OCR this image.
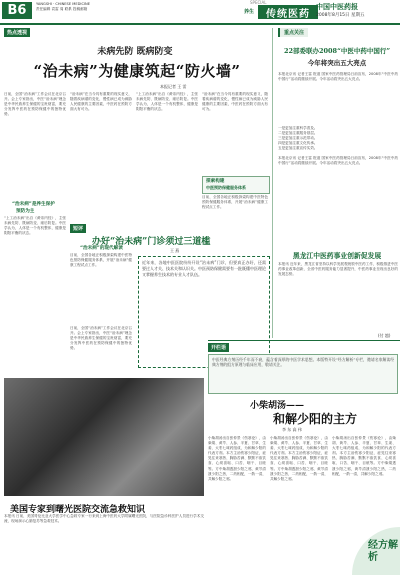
B6	YANGSHI · CHINESE MEDICINE
责任编辑 袁雷 周 联系 投稿邮箱
SPECIAL
养生	传统医药
中国中医药报
2008年8月15日 星期五
热点透视
未病先防 既病防变
“治未病”为健康筑起“防火墙”
本报记者 王 雷
日前，全国“治未病”工作会议在北京召开。会上专家指出，中医“治未病”理念是中华民族养生保健的宝贵财富，要充分发挥中医药在预防保健中的独特优势。
“治未病”是养生保护
预防为主
“上工治未病”出自《黄帝内经》，主张未病先防、既病防变、瘥后防复。中医学认为，人体是一个有机整体，健康是阴阳平衡的状态。
“治未病”在当今具有重要的现实意义，随着疾病谱的变化，慢性病已成为威胁人民健康的主要因素，中医药在预防方面大有可为。
“治未病”的现代解读
目前，全国各地正积极探索构建中医特色预防保健服务体系，开展“治未病”健康工程试点工作。
“上工治未病”出自《黄帝内经》，主张未病先防、既病防变、瘥后防复。中医学认为，人体是一个有机整体，健康是阴阳平衡的状态。
“治未病”在当今具有重要的现实意义，随着疾病谱的变化，慢性病已成为威胁人民健康的主要因素，中医药在预防方面大有可为。
探索构建
中医预防保健服务体系
目前，全国各地正积极探索构建中医特色预防保健服务体系，开展“治未病”健康工程试点工作。
短评
办好“治未病”门诊须过三道槛
王 燕
近年来，各地中医医院纷纷开设“治未病”门诊，但要真正办好，还需要过人才关、技术关和认识关。中医预防保健需要有一批既懂中医理论又掌握养生技术的专业人才队伍。
日前，全国“治未病”工作会议在北京召开。会上专家指出，中医“治未病”理念是中华民族养生保健的宝贵财富，要充分发挥中医药在预防保健中的独特优势。
美国专家到曙光医院交流急救知识
本报讯 日前，美国哥伦比亚大学医学中心急救专家一行来到上海中医药大学附属曙光医院，与医院急诊科医护人员进行学术交流，现场演示心肺复苏等急救技术。
重点关注
22部委联办2008“中医中药中国行”
今年将突出五大亮点
本报北京讯 记者王雷 报道 国家中医药管理局日前宣布，2008年“中医中药中国行”活动将继续开展。今年活动将突出五大亮点。
一是更加注重科学普及。
二是更加注重服务基层。
三是更加注重示范带动。
四是更加注重文化传承。
五是更加注重宣传实效。
本报北京讯 记者王雷 报道 国家中医药管理局日前宣布，2008年“中医中药中国行”活动将继续开展。今年活动将突出五大亮点。
黑龙江中医药事业创新促发展
本报讯 近年来，黑龙江省坚持以科学发展观统领中医药工作，积极推进中医药事业改革创新，全省中医药服务能力显著提升，中医药事业呈现出良好的发展态势。
(付 越)
开栏语
中医经典方剂历经千年而不衰，蕴含着深厚的中医学术思想。本版特开设“经方解析”专栏，邀请名家解读经典方剂的组方原理与临床应用，敬请关注。
小柴胡汤——
和解少阳的主方
李 东 高 伟
小柴胡汤出自张仲景《伤寒论》，由柴胡、黄芩、人参、半夏、甘草、生姜、大枣七味药组成，为和解少阳的代表方剂。本方主治伤寒少阳证，症见往来寒热、胸胁苦满、默默不欲饮食、心烦喜呕、口苦、咽干、目眩等。方中柴胡透泄少阳之邪，黄芩清泄少阳之热，二药相配，一散一清，共解少阳之邪。
小柴胡汤出自张仲景《伤寒论》，由柴胡、黄芩、人参、半夏、甘草、生姜、大枣七味药组成，为和解少阳的代表方剂。本方主治伤寒少阳证，症见往来寒热、胸胁苦满、默默不欲饮食、心烦喜呕、口苦、咽干、目眩等。方中柴胡透泄少阳之邪，黄芩清泄少阳之热，二药相配，一散一清，共解少阳之邪。
小柴胡汤出自张仲景《伤寒论》，由柴胡、黄芩、人参、半夏、甘草、生姜、大枣七味药组成，为和解少阳的代表方剂。本方主治伤寒少阳证，症见往来寒热、胸胁苦满、默默不欲饮食、心烦喜呕、口苦、咽干、目眩等。方中柴胡透泄少阳之邪，黄芩清泄少阳之热，二药相配，一散一清，共解少阳之邪。
经方解析
